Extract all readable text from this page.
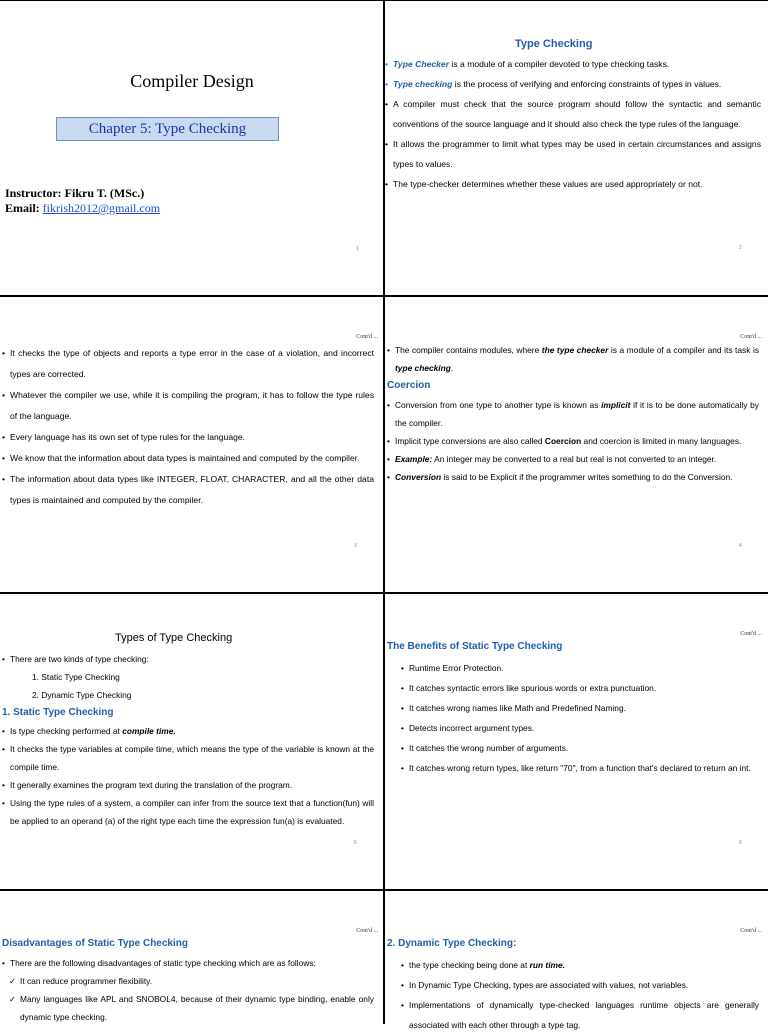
Compiler Design
Chapter 5: Type Checking
Instructor: Fikru T. (MSc.)
Email: fikrish2012@gmail.com
1
Type Checking
• Type Checker is a module of a compiler devoted to type checking tasks.
• Type checking is the process of verifying and enforcing constraints of types in values.
• A compiler must check that the source program should follow the syntactic and semantic conventions of the source language and it should also check the type rules of the language.
• It allows the programmer to limit what types may be used in certain circumstances and assigns types to values.
• The type-checker determines whether these values are used appropriately or not.
2
Cont'd ...
• It checks the type of objects and reports a type error in the case of a violation, and incorrect types are corrected.
• Whatever the compiler we use, while it is compiling the program, it has to follow the type rules of the language.
• Every language has its own set of type rules for the language.
• We know that the information about data types is maintained and computed by the compiler.
• The information about data types like INTEGER, FLOAT, CHARACTER, and all the other data types is maintained and computed by the compiler.
3
Cont'd ...
• The compiler contains modules, where the type checker is a module of a compiler and its task is type checking.
Coercion
• Conversion from one type to another type is known as implicit if it is to be done automatically by the compiler.
• Implicit type conversions are also called Coercion and coercion is limited in many languages.
• Example: An integer may be converted to a real but real is not converted to an integer.
• Conversion is said to be Explicit if the programmer writes something to do the Conversion.
4
Types of Type Checking
• There are two kinds of type checking:
1. Static Type Checking
2. Dynamic Type Checking
1. Static Type Checking
• Is type checking performed at compile time.
• It checks the type variables at compile time, which means the type of the variable is known at the compile time.
• It generally examines the program text during the translation of the program.
• Using the type rules of a system, a compiler can infer from the source text that a function(fun) will be applied to an operand (a) of the right type each time the expression fun(a) is evaluated.
5
Cont'd ...
The Benefits of Static Type Checking
• Runtime Error Protection.
• It catches syntactic errors like spurious words or extra punctuation.
• It catches wrong names like Math and Predefined Naming.
• Detects incorrect argument types.
• It catches the wrong number of arguments.
• It catches wrong return types, like return "70", from a function that's declared to return an int.
6
Cont'd ...
Disadvantages of Static Type Checking
• There are the following disadvantages of static type checking which are as follows:
✓ It can reduce programmer flexibility.
✓ Many languages like APL and SNOBOL4, because of their dynamic type binding, enable only dynamic type checking.
Cont'd ...
2. Dynamic Type Checking:
• the type checking being done at run time.
• In Dynamic Type Checking, types are associated with values, not variables.
• Implementations of dynamically type-checked languages runtime objects are generally associated with each other through a type tag.
